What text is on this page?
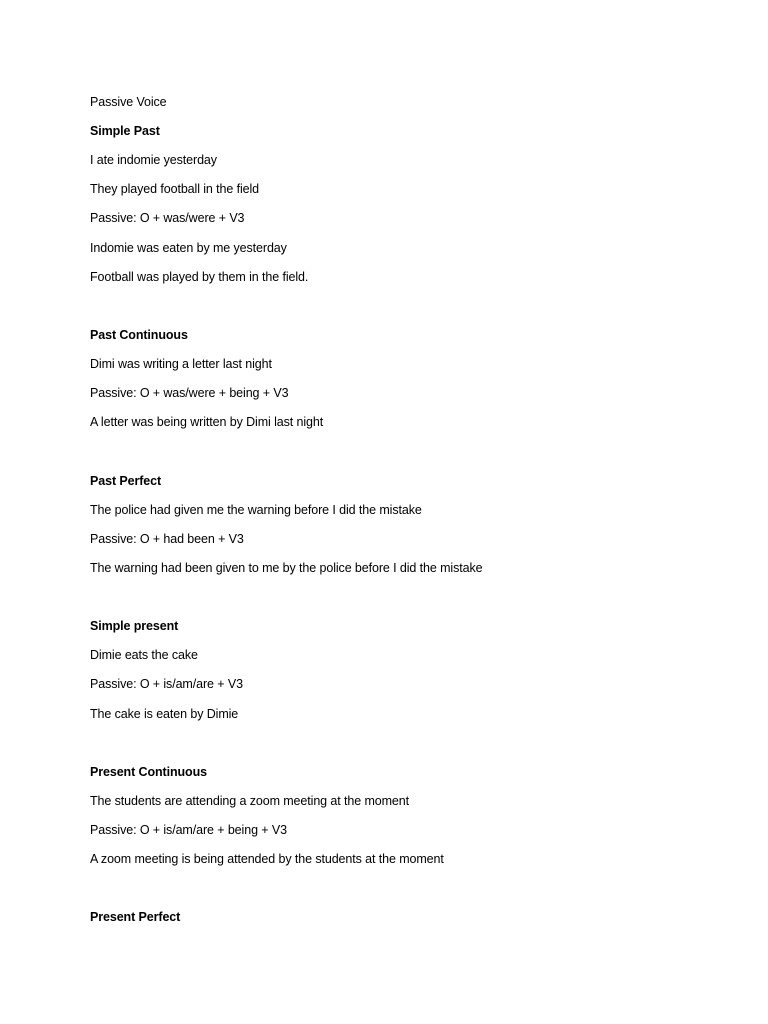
Passive Voice
Simple Past
I ate indomie yesterday
They played football in the field
Passive: O + was/were + V3
Indomie was eaten by me yesterday
Football was played by them in the field.
Past Continuous
Dimi was writing a letter last night
Passive: O + was/were + being + V3
A letter was being written by Dimi last night
Past Perfect
The police had given me the warning before I did the mistake
Passive: O + had been + V3
The warning had been given to me by the police before I did the mistake
Simple present
Dimie eats the cake
Passive: O + is/am/are + V3
The cake is eaten by Dimie
Present Continuous
The students are attending a zoom meeting at the moment
Passive: O + is/am/are + being + V3
A zoom meeting is being attended by the students at the moment
Present Perfect
